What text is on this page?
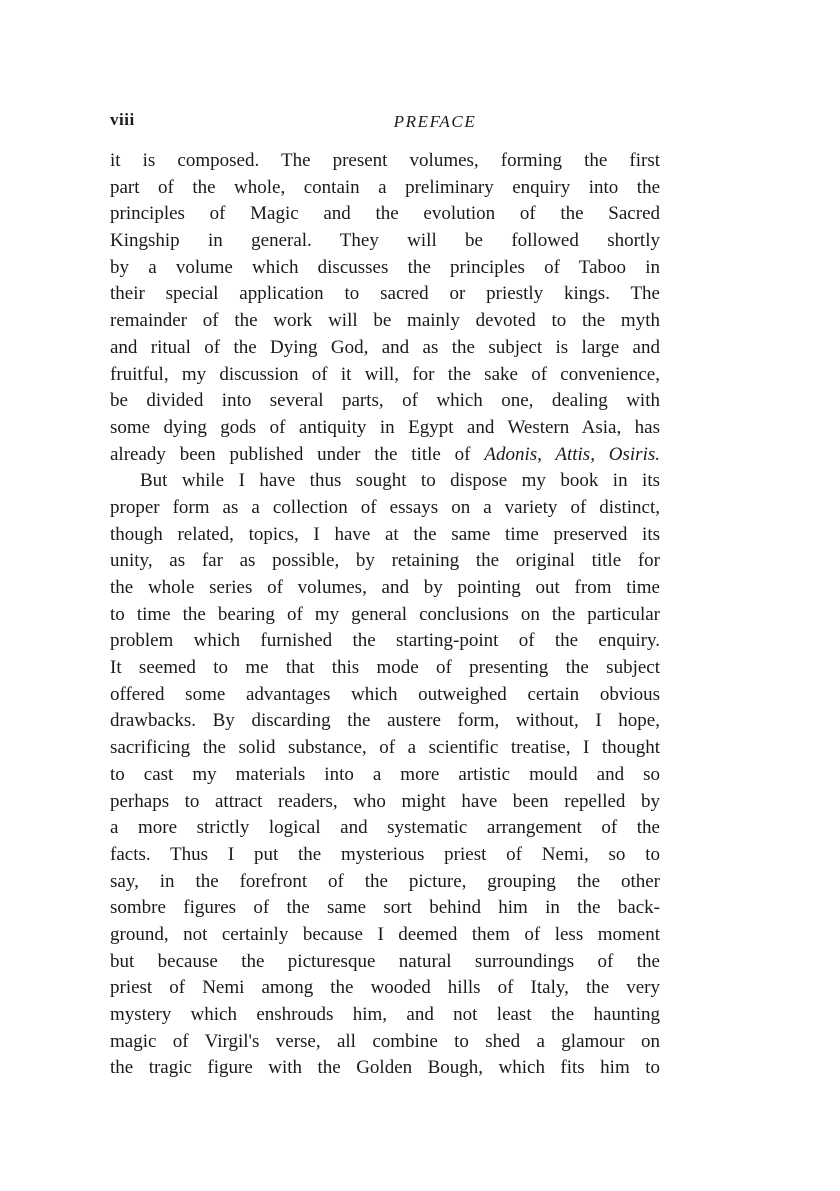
viii	PREFACE
it is composed. The present volumes, forming the first
part of the whole, contain a preliminary enquiry into the
principles of Magic and the evolution of the Sacred
Kingship in general. They will be followed shortly
by a volume which discusses the principles of Taboo in
their special application to sacred or priestly kings. The
remainder of the work will be mainly devoted to the myth
and ritual of the Dying God, and as the subject is large and
fruitful, my discussion of it will, for the sake of convenience,
be divided into several parts, of which one, dealing with
some dying gods of antiquity in Egypt and Western Asia, has
already been published under the title of Adonis, Attis, Osiris.
But while I have thus sought to dispose my book in its
proper form as a collection of essays on a variety of distinct,
though related, topics, I have at the same time preserved its
unity, as far as possible, by retaining the original title for
the whole series of volumes, and by pointing out from time
to time the bearing of my general conclusions on the particular
problem which furnished the starting-point of the enquiry.
It seemed to me that this mode of presenting the subject
offered some advantages which outweighed certain obvious
drawbacks. By discarding the austere form, without, I hope,
sacrificing the solid substance, of a scientific treatise, I thought
to cast my materials into a more artistic mould and so
perhaps to attract readers, who might have been repelled by
a more strictly logical and systematic arrangement of the
facts. Thus I put the mysterious priest of Nemi, so to
say, in the forefront of the picture, grouping the other
sombre figures of the same sort behind him in the back-
ground, not certainly because I deemed them of less moment
but because the picturesque natural surroundings of the
priest of Nemi among the wooded hills of Italy, the very
mystery which enshrouds him, and not least the haunting
magic of Virgil's verse, all combine to shed a glamour on
the tragic figure with the Golden Bough, which fits him to
